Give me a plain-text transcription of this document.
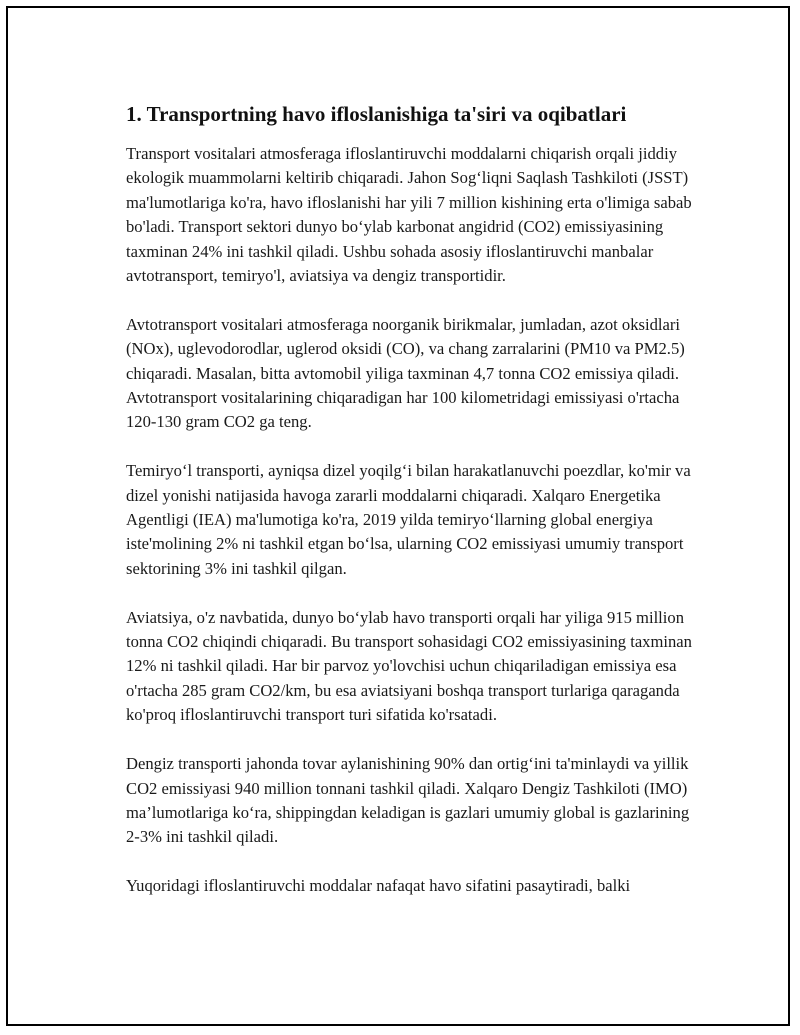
1. Transportning havo ifloslanishiga ta'siri va oqibatlari

Transport vositalari atmosferaga ifloslantiruvchi moddalarni chiqarish orqali jiddiy ekologik muammolarni keltirib chiqaradi. Jahon Sog‘liqni Saqlash Tashkiloti (JSST) ma'lumotlariga ko'ra, havo ifloslanishi har yili 7 million kishining erta o'limiga sabab bo'ladi. Transport sektori dunyo bo‘ylab karbonat angidrid (CO2) emissiyasining taxminan 24% ini tashkil qiladi. Ushbu sohada asosiy ifloslantiruvchi manbalar avtotransport, temiryo'l, aviatsiya va dengiz transportidir.

Avtotransport vositalari atmosferaga noorganik birikmalar, jumladan, azot oksidlari (NOx), uglevodorodlar, uglerod oksidi (CO), va chang zarralarini (PM10 va PM2.5) chiqaradi. Masalan, bitta avtomobil yiliga taxminan 4,7 tonna CO2 emissiya qiladi. Avtotransport vositalarining chiqaradigan har 100 kilometridagi emissiyasi o'rtacha 120-130 gram CO2 ga teng.

Temiryo‘l transporti, ayniqsa dizel yoqilg‘i bilan harakatlanuvchi poezdlar, ko'mir va dizel yonishi natijasida havoga zararli moddalarni chiqaradi. Xalqaro Energetika Agentligi (IEA) ma'lumotiga ko'ra, 2019 yilda temiryo‘llarning global energiya iste'molining 2% ni tashkil etgan bo‘lsa, ularning CO2 emissiyasi umumiy transport sektorining 3% ini tashkil qilgan.

Aviatsiya, o'z navbatida, dunyo bo‘ylab havo transporti orqali har yiliga 915 million tonna CO2 chiqindi chiqaradi. Bu transport sohasidagi CO2 emissiyasining taxminan 12% ni tashkil qiladi. Har bir parvoz yo'lovchisi uchun chiqariladigan emissiya esa o'rtacha 285 gram CO2/km, bu esa aviatsiyani boshqa transport turlariga qaraganda ko'proq ifloslantiruvchi transport turi sifatida ko'rsatadi.

Dengiz transporti jahonda tovar aylanishining 90% dan ortig‘ini ta'minlaydi va yillik CO2 emissiyasi 940 million tonnani tashkil qiladi. Xalqaro Dengiz Tashkiloti (IMO) ma’lumotlariga ko‘ra, shippingdan keladigan is gazlari umumiy global is gazlarining 2-3% ini tashkil qiladi.

Yuqoridagi ifloslantiruvchi moddalar nafaqat havo sifatini pasaytiradi, balki
